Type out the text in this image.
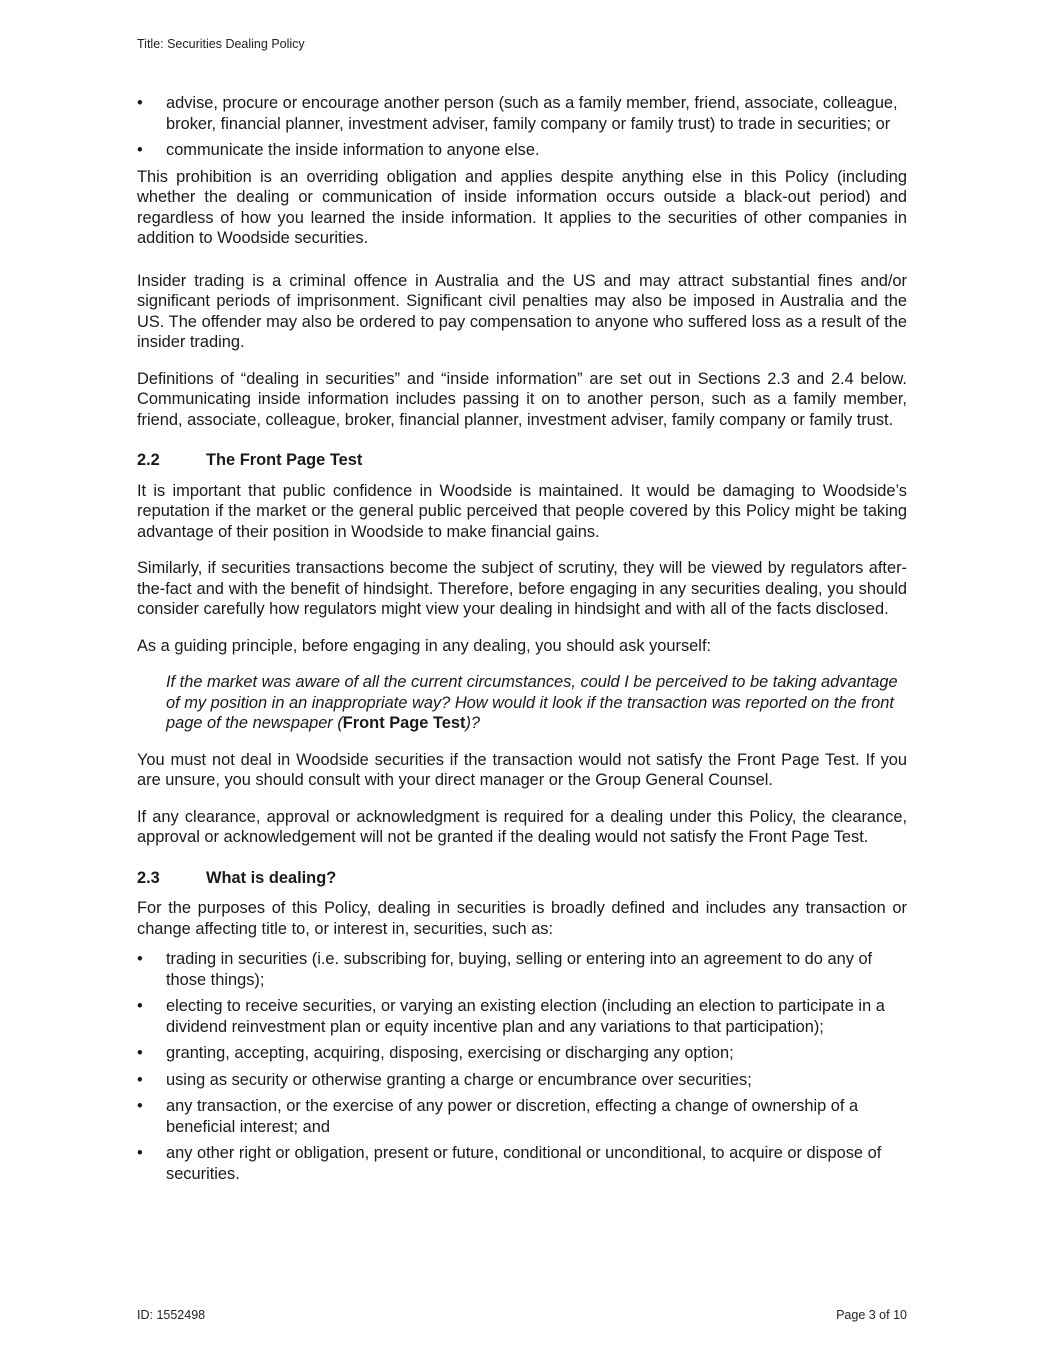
Title: Securities Dealing Policy
• advise, procure or encourage another person (such as a family member, friend, associate, colleague, broker, financial planner, investment adviser, family company or family trust) to trade in securities; or
• communicate the inside information to anyone else.

This prohibition is an overriding obligation and applies despite anything else in this Policy (including whether the dealing or communication of inside information occurs outside a black-out period) and regardless of how you learned the inside information. It applies to the securities of other companies in addition to Woodside securities.

Insider trading is a criminal offence in Australia and the US and may attract substantial fines and/or significant periods of imprisonment. Significant civil penalties may also be imposed in Australia and the US. The offender may also be ordered to pay compensation to anyone who suffered loss as a result of the insider trading.

Definitions of “dealing in securities” and “inside information” are set out in Sections 2.3 and 2.4 below. Communicating inside information includes passing it on to another person, such as a family member, friend, associate, colleague, broker, financial planner, investment adviser, family company or family trust.

2.2	The Front Page Test

It is important that public confidence in Woodside is maintained. It would be damaging to Woodside’s reputation if the market or the general public perceived that people covered by this Policy might be taking advantage of their position in Woodside to make financial gains.

Similarly, if securities transactions become the subject of scrutiny, they will be viewed by regulators after-the-fact and with the benefit of hindsight. Therefore, before engaging in any securities dealing, you should consider carefully how regulators might view your dealing in hindsight and with all of the facts disclosed.

As a guiding principle, before engaging in any dealing, you should ask yourself:

If the market was aware of all the current circumstances, could I be perceived to be taking advantage of my position in an inappropriate way? How would it look if the transaction was reported on the front page of the newspaper (Front Page Test)?

You must not deal in Woodside securities if the transaction would not satisfy the Front Page Test. If you are unsure, you should consult with your direct manager or the Group General Counsel.

If any clearance, approval or acknowledgment is required for a dealing under this Policy, the clearance, approval or acknowledgement will not be granted if the dealing would not satisfy the Front Page Test.

2.3	What is dealing?

For the purposes of this Policy, dealing in securities is broadly defined and includes any transaction or change affecting title to, or interest in, securities, such as:

• trading in securities (i.e. subscribing for, buying, selling or entering into an agreement to do any of those things);
• electing to receive securities, or varying an existing election (including an election to participate in a dividend reinvestment plan or equity incentive plan and any variations to that participation);
• granting, accepting, acquiring, disposing, exercising or discharging any option;
• using as security or otherwise granting a charge or encumbrance over securities;
• any transaction, or the exercise of any power or discretion, effecting a change of ownership of a beneficial interest; and
• any other right or obligation, present or future, conditional or unconditional, to acquire or dispose of securities.
ID: 1552498	Page 3 of 10
